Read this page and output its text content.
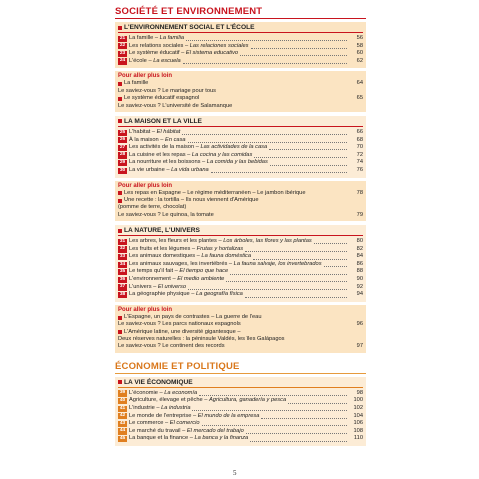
SOCIÉTÉ ET ENVIRONNEMENT
L'ENVIRONNEMENT SOCIAL ET L'ÉCOLE
21 La famille – La familia	56
22 Les relations sociales – Las relaciones sociales	58
23 Le système éducatif – El sistema educativo	60
24 L'école – La escuela	62
Pour aller plus loin
La famille	64
Le saviez-vous ? Le mariage pour tous
Le système éducatif espagnol	65
Le saviez-vous ? L'université de Salamanque
LA MAISON ET LA VILLE
25 L'habitat – El hábitat	66
26 À la maison – En casa	68
27 Les activités de la maison – Las actividades de la casa	70
28 La cuisine et les repas – La cocina y las comidas	72
29 La nourriture et les boissons – La comida y las bebidas	74
30 La vie urbaine – La vida urbana	76
Pour aller plus loin
Les repas en Espagne – Le régime méditerranéen – Le jambon ibérique	78
Une recette : la tortilla – Ils nous viennent d'Amérique
(pomme de terre, chocolat)
Le saviez-vous ? Le quinoa, la tomate	79
LA NATURE, L'UNIVERS
31 Les arbres, les fleurs et les plantes – Los árboles, las flores y las plantas	80
32 Les fruits et les légumes – Frutas y hortalizas	82
33 Les animaux domestiques – La fauna doméstica	84
34 Les animaux sauvages, les invertébrés – La fauna salvaje, los invertebrados	86
35 Le temps qu'il fait – El tiempo que hace	88
36 L'environnement – El medio ambiente	90
37 L'univers – El universo	92
38 La géographie physique – La geografía física	94
Pour aller plus loin
L'Espagne, un pays de contrastes – La guerre de l'eau
Le saviez-vous ? Les parcs nationaux espagnols	96
L'Amérique latine, une diversité gigantesque –
Deux réserves naturelles : la péninsule Valdés, les îles Galápagos
Le saviez-vous ? Le continent des records	97
ÉCONOMIE ET POLITIQUE
LA VIE ÉCONOMIQUE
39 L'économie – La economía	98
40 Agriculture, élevage et pêche – Agricultura, ganadería y pesca	100
41 L'industrie – La industria	102
42 Le monde de l'entreprise – El mundo de la empresa	104
43 Le commerce – El comercio	106
44 Le marché du travail – El mercado del trabajo	108
45 La banque et la finance – La banca y la finanza	110
5
